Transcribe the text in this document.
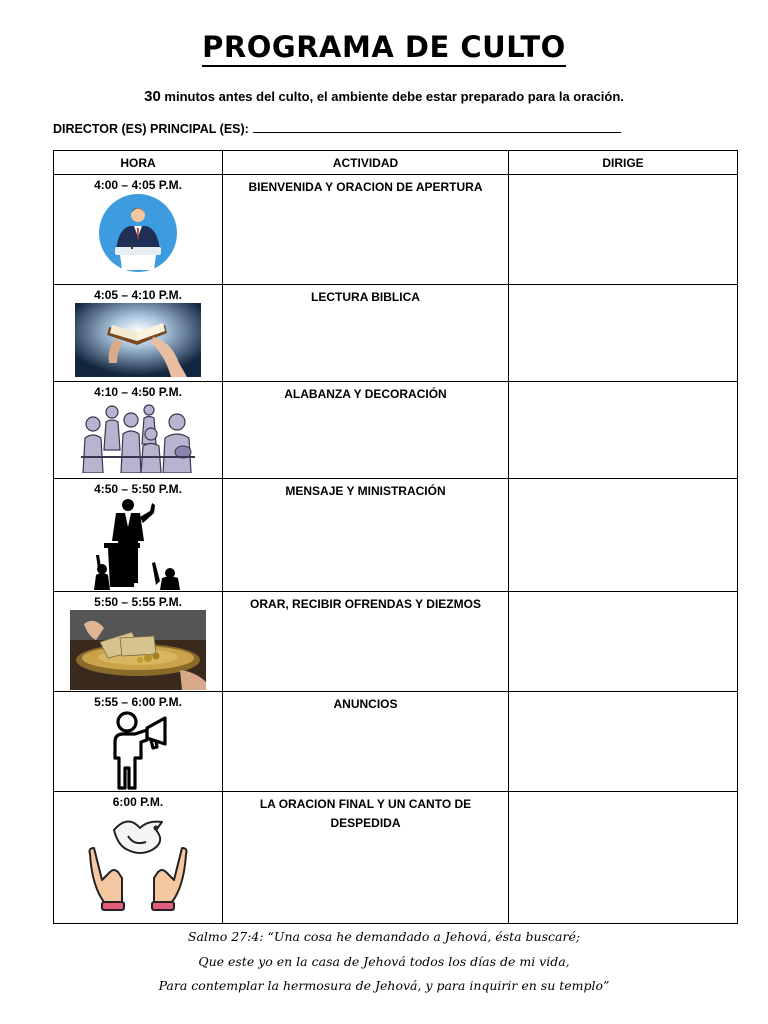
PROGRAMA DE CULTO
30 minutos antes del culto, el ambiente debe estar preparado para la oración.
DIRECTOR (ES) PRINCIPAL (ES):
HORA	ACTIVIDAD	DIRIGE

4:00 – 4:05 P.M.	BIENVENIDA Y ORACION DE APERTURA	

4:05 – 4:10 P.M.	LECTURA BIBLICA	

4:10 – 4:50 P.M.	ALABANZA Y DECORACIÓN	

4:50 – 5:50 P.M.	MENSAJE Y MINISTRACIÓN	

5:50 – 5:55 P.M.	ORAR, RECIBIR OFRENDAS Y DIEZMOS	

5:55 – 6:00 P.M.	ANUNCIOS	

6:00 P.M.	LA ORACION FINAL Y UN CANTO DE DESPEDIDA	

Salmo 27:4: “Una cosa he demandado a Jehová, ésta buscaré;
Que este yo en la casa de Jehová todos los días de mi vida,
Para contemplar la hermosura de Jehová, y para inquirir en su templo”
